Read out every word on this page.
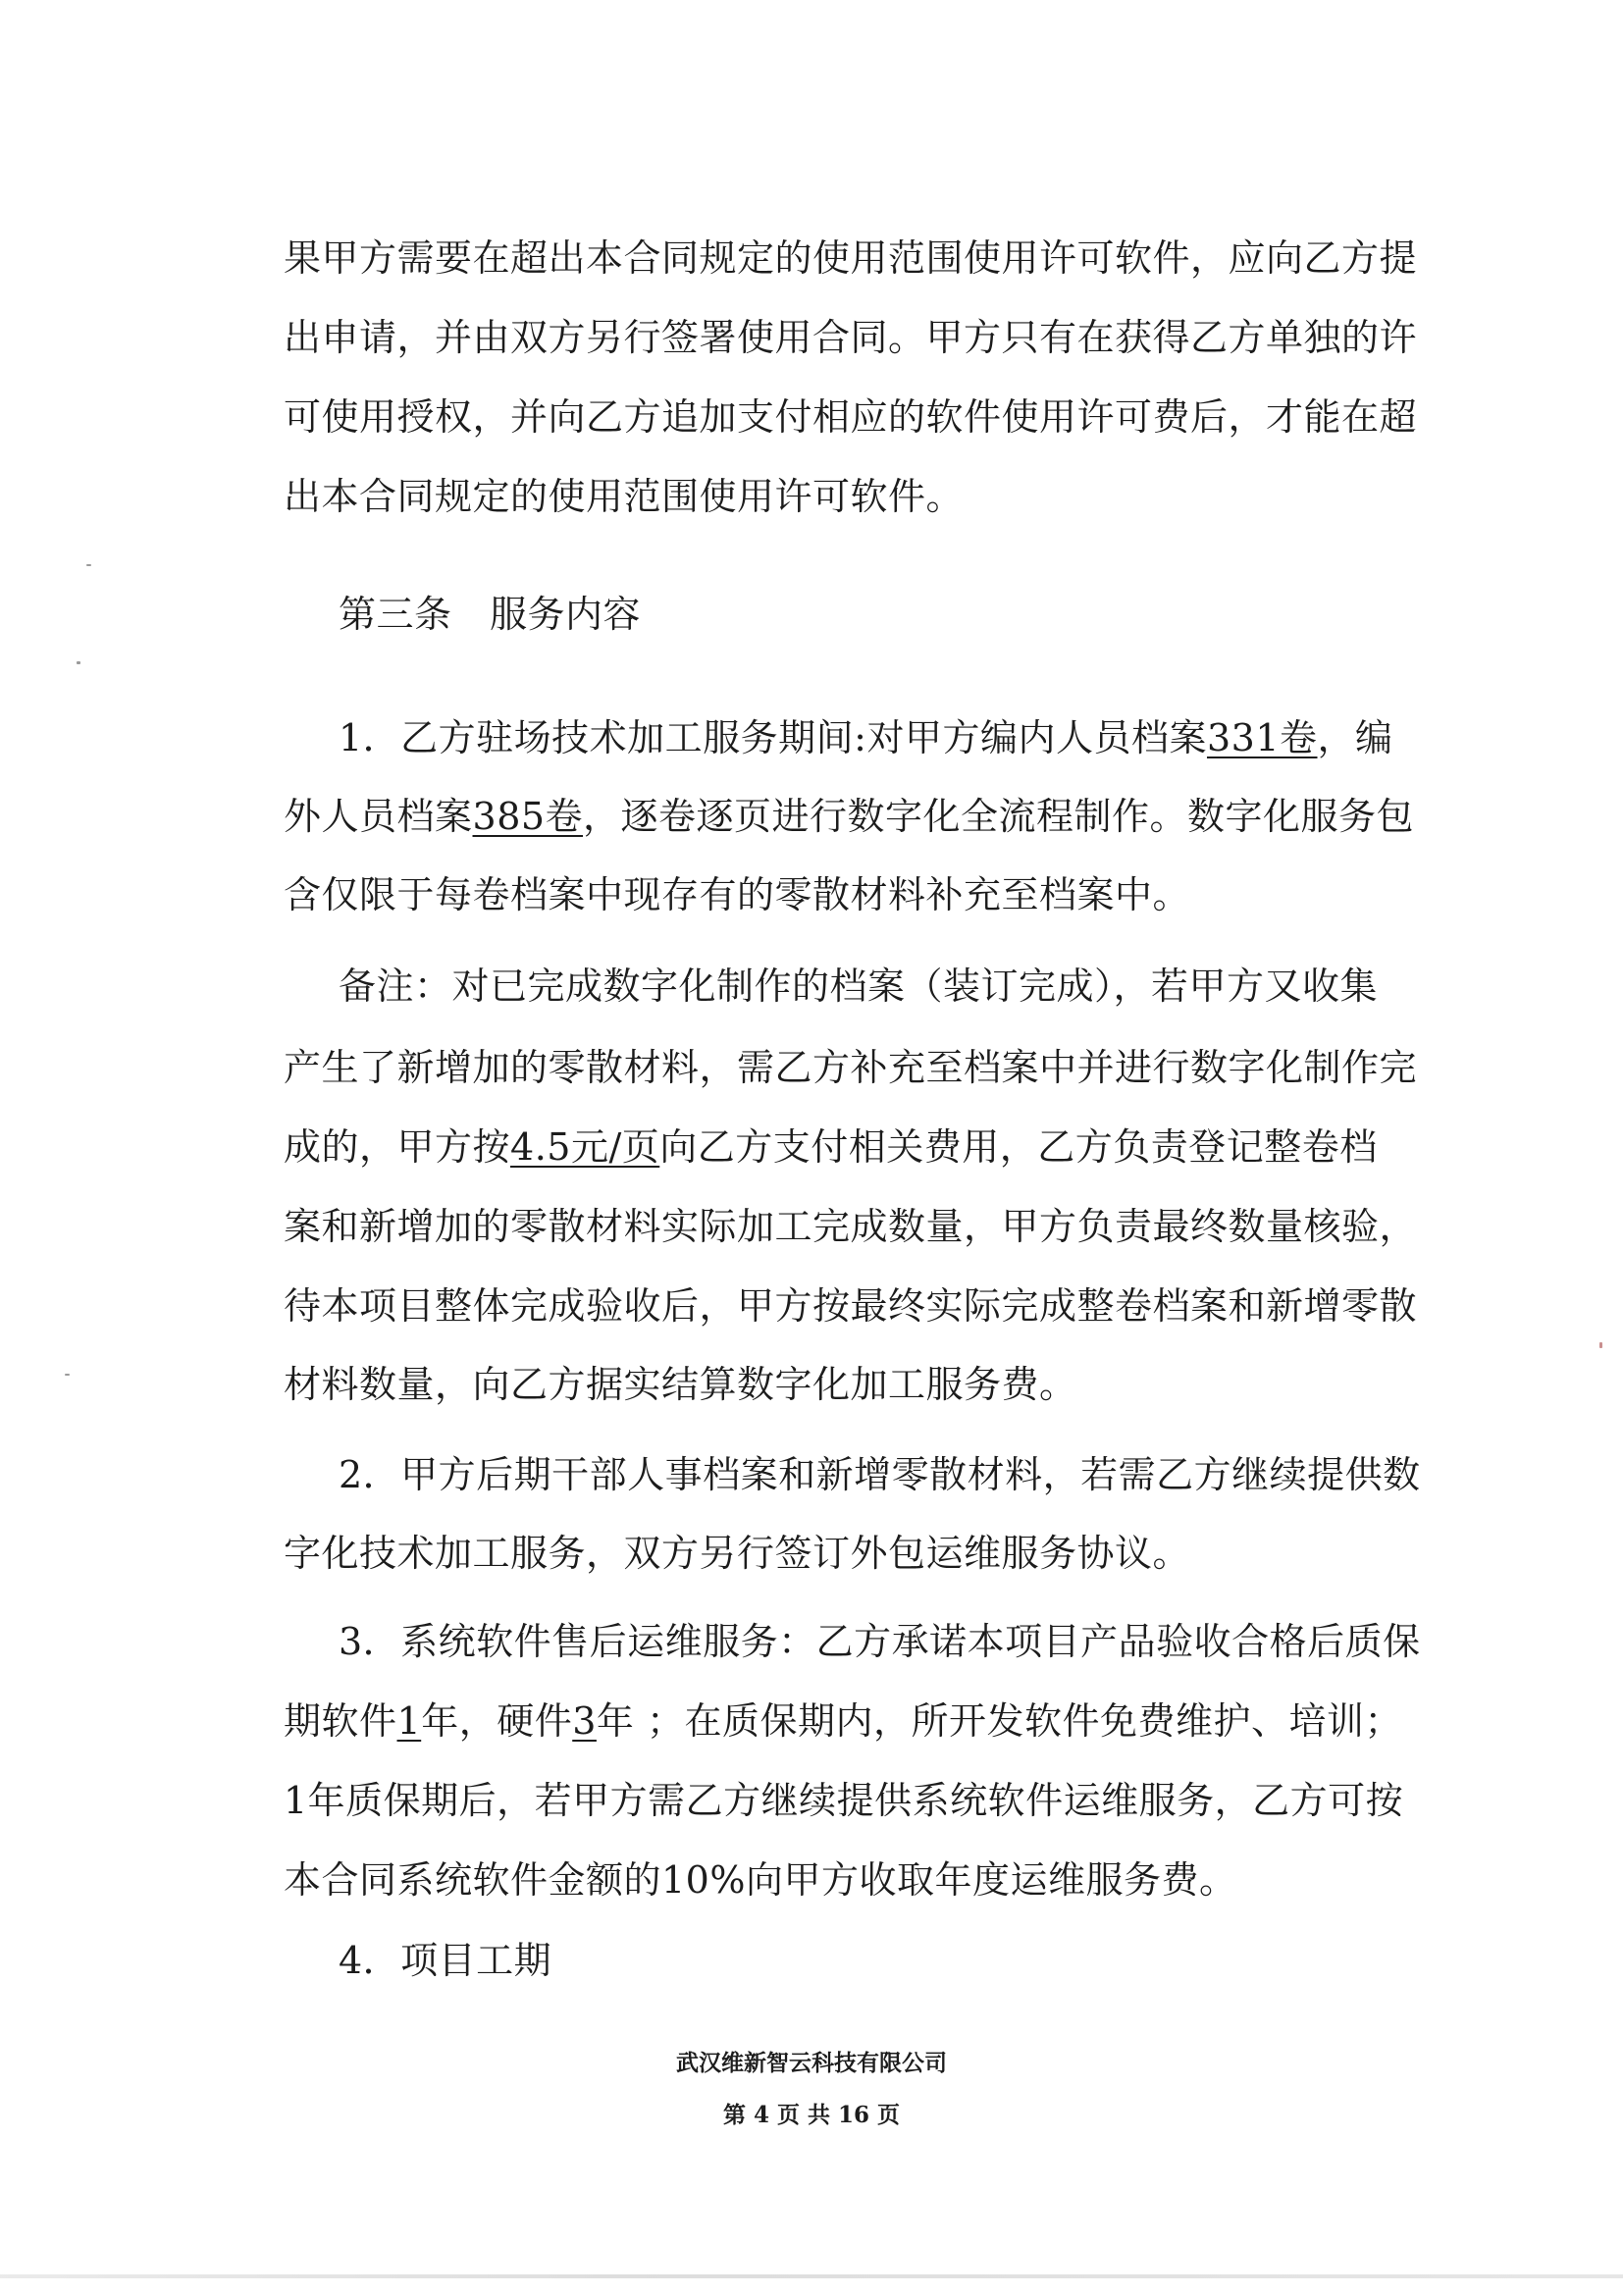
果甲方需要在超出本合同规定的使用范围使用许可软件，应向乙方提
出申请，并由双方另行签署使用合同。甲方只有在获得乙方单独的许
可使用授权，并向乙方追加支付相应的软件使用许可费后，才能在超
出本合同规定的使用范围使用许可软件。
第三条　服务内容
1．乙方驻场技术加工服务期间:对甲方编内人员档案331卷，编
外人员档案385卷，逐卷逐页进行数字化全流程制作。数字化服务包
含仅限于每卷档案中现存有的零散材料补充至档案中。
备注：对已完成数字化制作的档案（装订完成），若甲方又收集
产生了新增加的零散材料，需乙方补充至档案中并进行数字化制作完
成的，甲方按4.5元/页向乙方支付相关费用，乙方负责登记整卷档
案和新增加的零散材料实际加工完成数量，甲方负责最终数量核验，
待本项目整体完成验收后，甲方按最终实际完成整卷档案和新增零散
材料数量，向乙方据实结算数字化加工服务费。
2．甲方后期干部人事档案和新增零散材料，若需乙方继续提供数
字化技术加工服务，双方另行签订外包运维服务协议。
3．系统软件售后运维服务：乙方承诺本项目产品验收合格后质保
期软件1年，硬件3年 ；在质保期内，所开发软件免费维护、培训；
1年质保期后，若甲方需乙方继续提供系统软件运维服务，乙方可按
本合同系统软件金额的10%向甲方收取年度运维服务费。
4．项目工期
武汉维新智云科技有限公司
第 4 页 共 16 页
